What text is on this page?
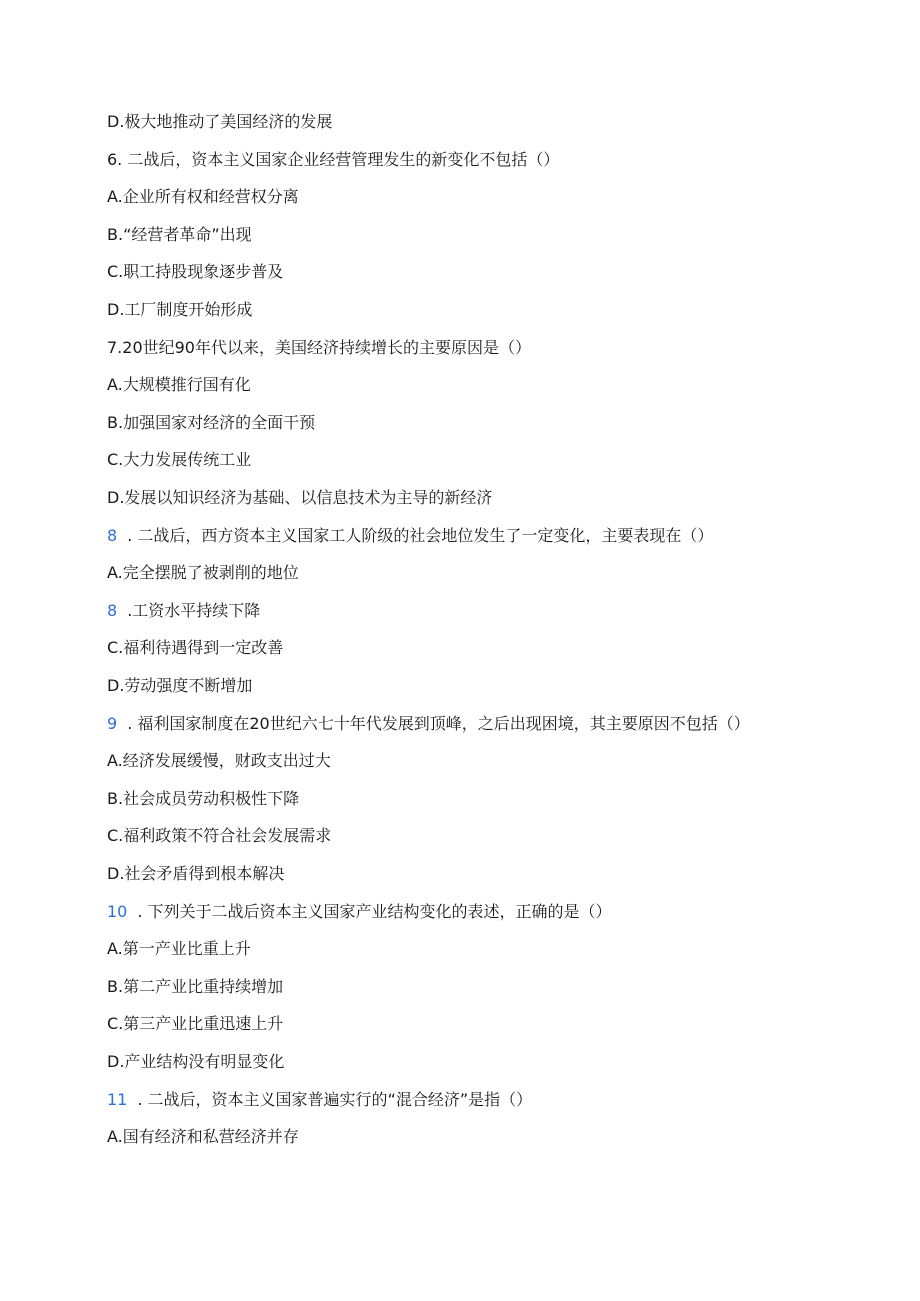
D.极大地推动了美国经济的发展
6. 二战后，资本主义国家企业经营管理发生的新变化不包括（）
A.企业所有权和经营权分离
B.“经营者革命”出现
C.职工持股现象逐步普及
D.工厂制度开始形成
7.20世纪90年代以来，美国经济持续增长的主要原因是（）
A.大规模推行国有化
B.加强国家对经济的全面干预
C.大力发展传统工业
D.发展以知识经济为基础、以信息技术为主导的新经济
8 . 二战后，西方资本主义国家工人阶级的社会地位发生了一定变化，主要表现在（）
A.完全摆脱了被剥削的地位
8 .工资水平持续下降
C.福利待遇得到一定改善
D.劳动强度不断增加
9 . 福利国家制度在20世纪六七十年代发展到顶峰，之后出现困境，其主要原因不包括（）
A.经济发展缓慢，财政支出过大
B.社会成员劳动积极性下降
C.福利政策不符合社会发展需求
D.社会矛盾得到根本解决
10 . 下列关于二战后资本主义国家产业结构变化的表述，正确的是（）
A.第一产业比重上升
B.第二产业比重持续增加
C.第三产业比重迅速上升
D.产业结构没有明显变化
11 . 二战后，资本主义国家普遍实行的“混合经济”是指（）
A.国有经济和私营经济并存
